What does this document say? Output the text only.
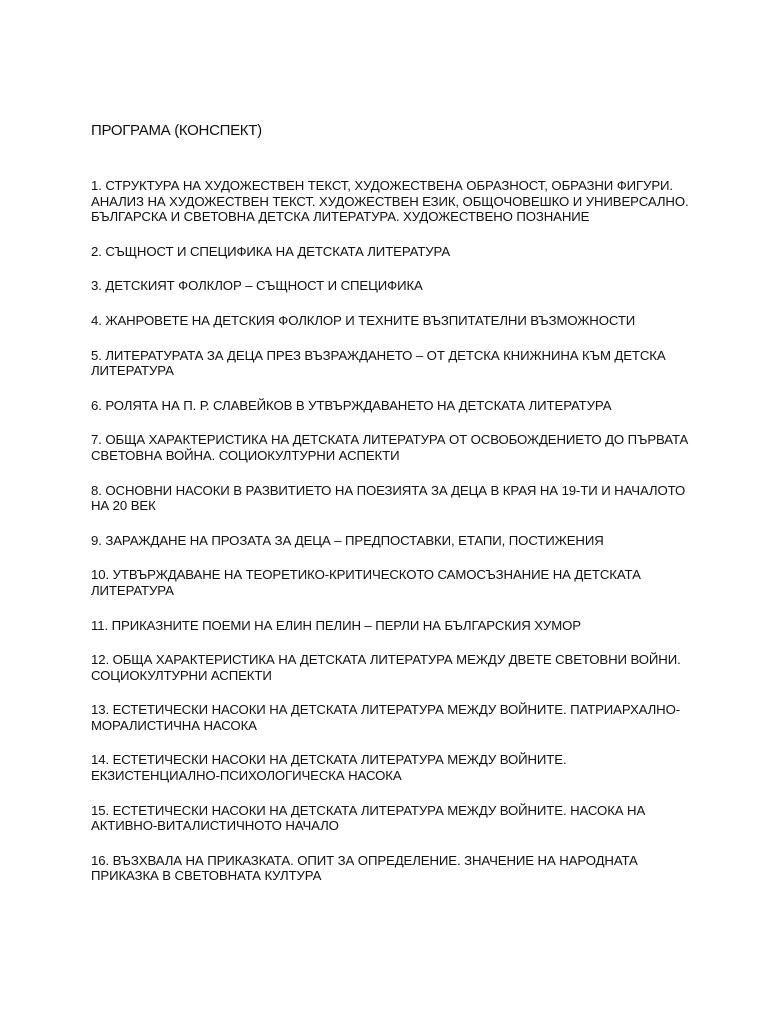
ПРОГРАМА (КОНСПЕКТ)
1. СТРУКТУРА НА ХУДОЖЕСТВЕН ТЕКСТ, ХУДОЖЕСТВЕНА ОБРАЗНОСТ, ОБРАЗНИ ФИГУРИ. АНАЛИЗ НА ХУДОЖЕСТВЕН ТЕКСТ. ХУДОЖЕСТВЕН ЕЗИК, ОБЩОЧОВЕШКО И УНИВЕРСАЛНО. БЪЛГАРСКА И СВЕТОВНА ДЕТСКА ЛИТЕРАТУРА. ХУДОЖЕСТВЕНО ПОЗНАНИЕ
2. СЪЩНОСТ И СПЕЦИФИКА НА ДЕТСКАТА ЛИТЕРАТУРА
3. ДЕТСКИЯТ ФОЛКЛОР – СЪЩНОСТ И СПЕЦИФИКА
4. ЖАНРОВЕТЕ НА ДЕТСКИЯ ФОЛКЛОР И ТЕХНИТЕ ВЪЗПИТАТЕЛНИ ВЪЗМОЖНОСТИ
5. ЛИТЕРАТУРАТА ЗА ДЕЦА ПРЕЗ ВЪЗРАЖДАНЕТО – ОТ ДЕТСКА КНИЖНИНА КЪМ ДЕТСКА ЛИТЕРАТУРА
6. РОЛЯТА НА П. Р. СЛАВЕЙКОВ В УТВЪРЖДАВАНЕТО НА ДЕТСКАТА ЛИТЕРАТУРА
7. ОБЩА ХАРАКТЕРИСТИКА НА ДЕТСКАТА ЛИТЕРАТУРА ОТ ОСВОБОЖДЕНИЕТО ДО ПЪРВАТА СВЕТОВНА ВОЙНА. СОЦИОКУЛТУРНИ АСПЕКТИ
8. ОСНОВНИ НАСОКИ В РАЗВИТИЕТО НА ПОЕЗИЯТА ЗА ДЕЦА В КРАЯ НА 19-ТИ И НАЧАЛОТО НА 20 ВЕК
9. ЗАРАЖДАНЕ НА ПРОЗАТА ЗА ДЕЦА – ПРЕДПОСТАВКИ, ЕТАПИ, ПОСТИЖЕНИЯ
10. УТВЪРЖДАВАНЕ НА ТЕОРЕТИКО-КРИТИЧЕСКОТО САМОСЪЗНАНИЕ НА ДЕТСКАТА ЛИТЕРАТУРА
11. ПРИКАЗНИТЕ ПОЕМИ НА ЕЛИН ПЕЛИН – ПЕРЛИ НА БЪЛГАРСКИЯ ХУМОР
12. ОБЩА ХАРАКТЕРИСТИКА НА ДЕТСКАТА ЛИТЕРАТУРА МЕЖДУ ДВЕТЕ СВЕТОВНИ ВОЙНИ. СОЦИОКУЛТУРНИ АСПЕКТИ
13. ЕСТЕТИЧЕСКИ НАСОКИ НА ДЕТСКАТА ЛИТЕРАТУРА МЕЖДУ ВОЙНИТЕ. ПАТРИАРХАЛНО-МОРАЛИСТИЧНА НАСОКА
14. ЕСТЕТИЧЕСКИ НАСОКИ НА ДЕТСКАТА ЛИТЕРАТУРА МЕЖДУ ВОЙНИТЕ. ЕКЗИСТЕНЦИАЛНО-ПСИХОЛОГИЧЕСКА НАСОКА
15. ЕСТЕТИЧЕСКИ НАСОКИ НА ДЕТСКАТА ЛИТЕРАТУРА МЕЖДУ ВОЙНИТЕ. НАСОКА НА АКТИВНО-ВИТАЛИСТИЧНОТО НАЧАЛО
16. ВЪЗХВАЛА НА ПРИКАЗКАТА. ОПИТ ЗА ОПРЕДЕЛЕНИЕ. ЗНАЧЕНИЕ НА НАРОДНАТА ПРИКАЗКА В СВЕТОВНАТА КУЛТУРА
